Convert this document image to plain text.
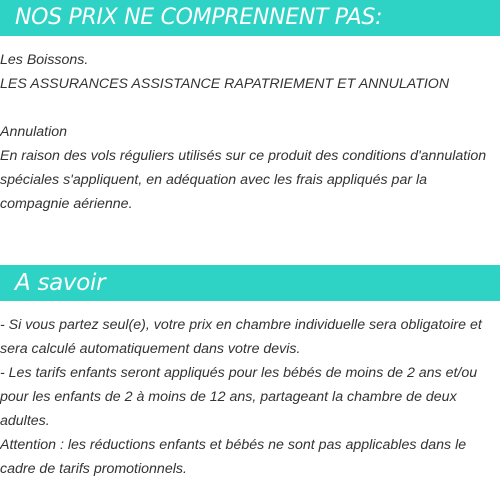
NOS PRIX NE COMPRENNENT PAS:

Les Boissons.

LES ASSURANCES ASSISTANCE RAPATRIEMENT ET ANNULATION

Annulation

En raison des vols réguliers utilisés sur ce produit des conditions d'annulation spéciales s'appliquent, en adéquation avec les frais appliqués par la compagnie aérienne.

A savoir

- Si vous partez seul(e), votre prix en chambre individuelle sera obligatoire et sera calculé automatiquement dans votre devis.

- Les tarifs enfants seront appliqués pour les bébés de moins de 2 ans et/ou pour les enfants de 2 à moins de 12 ans, partageant la chambre de deux adultes.

Attention : les réductions enfants et bébés ne sont pas applicables dans le cadre de tarifs promotionnels.
